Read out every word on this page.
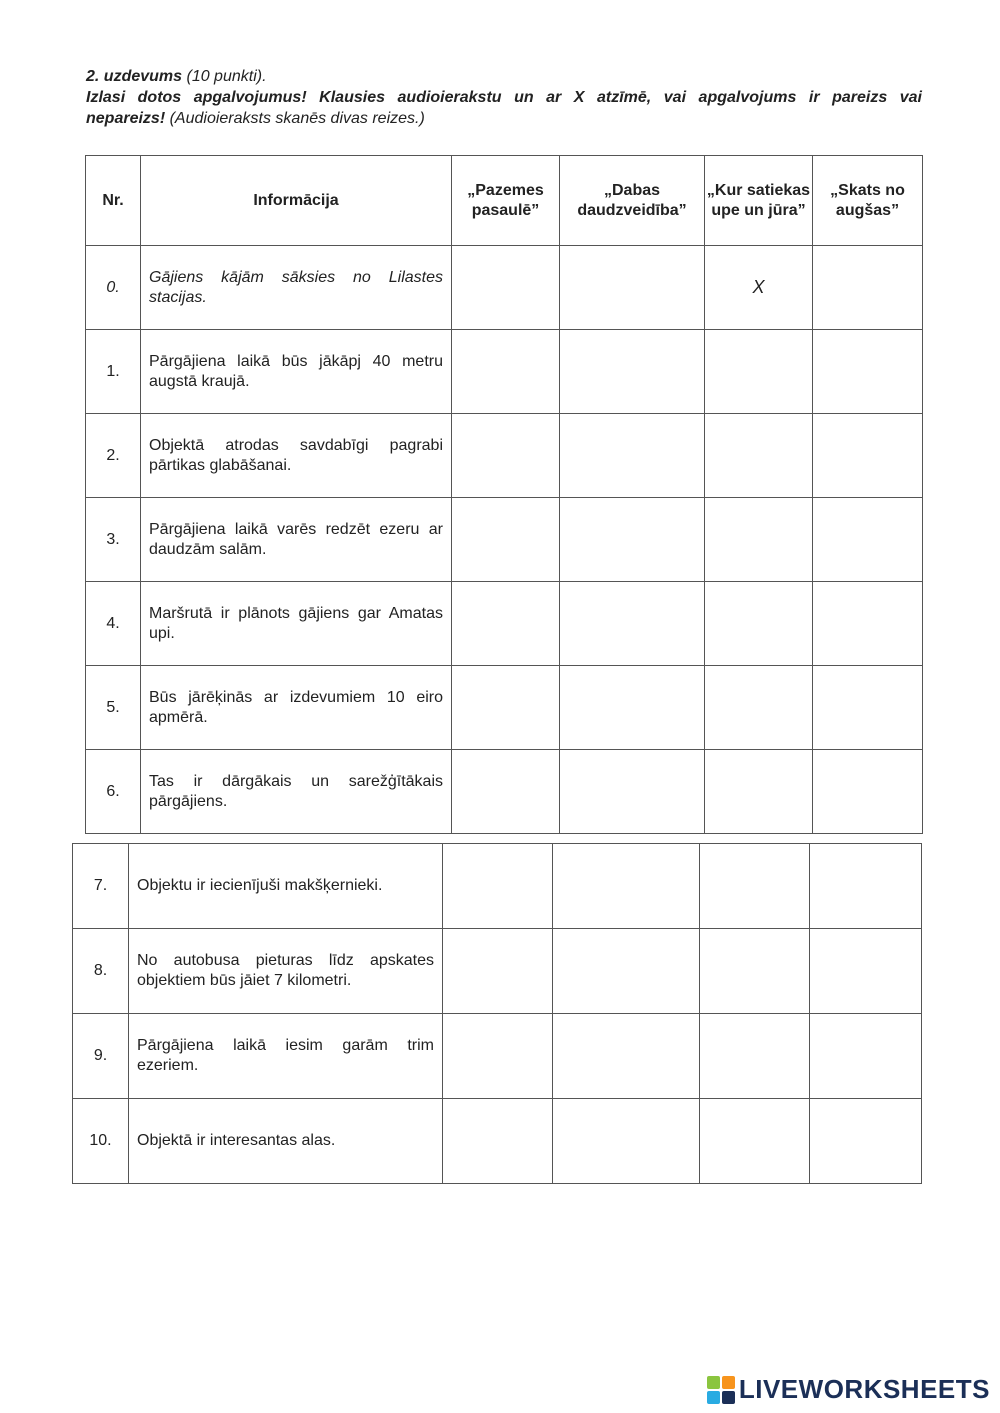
2. uzdevums (10 punkti).
Izlasi dotos apgalvojumus! Klausies audioierakstu un ar X atzīmē, vai apgalvojums ir pareizs vai
nepareizs! (Audioieraksts skanēs divas reizes.)
Nr.	Informācija	„Pazemes pasaulē”	„Dabas daudzveidība”	„Kur satiekas upe un jūra”	„Skats no augšas”
0.	Gājiens kājām sāksies no Lilastes stacijas.			X	
1.	Pārgājiena laikā būs jākāpj 40 metru augstā kraujā.				
2.	Objektā atrodas savdabīgi pagrabi pārtikas glabāšanai.				
3.	Pārgājiena laikā varēs redzēt ezeru ar daudzām salām.				
4.	Maršrutā ir plānots gājiens gar Amatas upi.				
5.	Būs jārēķinās ar izdevumiem 10 eiro apmērā.				
6.	Tas ir dārgākais un sarežģītākais pārgājiens.				
7.	Objektu ir iecienījuši makšķernieki.				
8.	No autobusa pieturas līdz apskates objektiem būs jāiet 7 kilometri.				
9.	Pārgājiena laikā iesim garām trim ezeriem.				
10.	Objektā ir interesantas alas.				
LIVEWORKSHEETS
